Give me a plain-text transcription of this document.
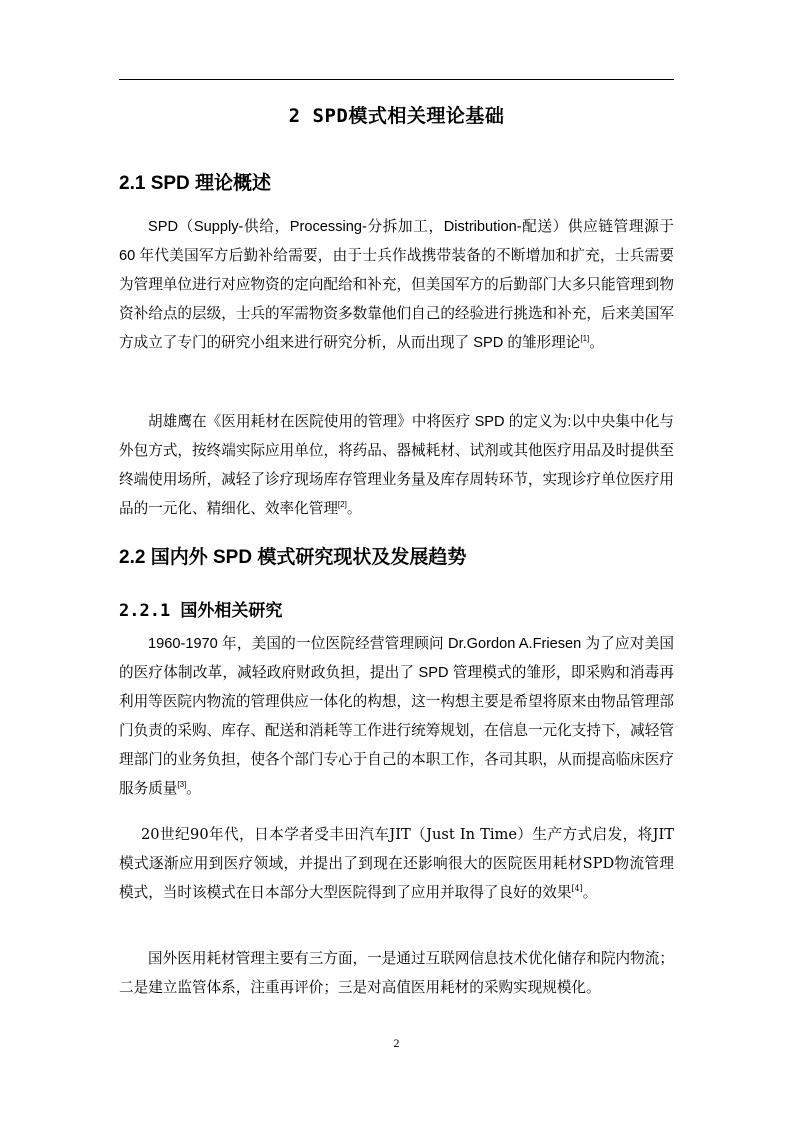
2 SPD模式相关理论基础
2.1 SPD 理论概述

SPD（Supply-供给，Processing-分拆加工，Distribution-配送）供应链管理源于 60 年代美国军方后勤补给需要，由于士兵作战携带装备的不断增加和扩充，士兵需要为管理单位进行对应物资的定向配给和补充，但美国军方的后勤部门大多只能管理到物资补给点的层级，士兵的军需物资多数靠他们自己的经验进行挑选和补充，后来美国军方成立了专门的研究小组来进行研究分析，从而出现了 SPD 的雏形理论[1]。

胡雄鹰在《医用耗材在医院使用的管理》中将医疗 SPD 的定义为:以中央集中化与外包方式，按终端实际应用单位，将药品、器械耗材、试剂或其他医疗用品及时提供至终端使用场所，减轻了诊疗现场库存管理业务量及库存周转环节，实现诊疗单位医疗用品的一元化、精细化、效率化管理[2]。

2.2 国内外 SPD 模式研究现状及发展趋势
2.2.1 国外相关研究

1960-1970 年，美国的一位医院经营管理顾问 Dr.Gordon A.Friesen 为了应对美国的医疗体制改革，减轻政府财政负担，提出了 SPD 管理模式的雏形，即采购和消毒再利用等医院内物流的管理供应一体化的构想，这一构想主要是希望将原来由物品管理部门负责的采购、库存、配送和消耗等工作进行统筹规划，在信息一元化支持下，减轻管理部门的业务负担，使各个部门专心于自己的本职工作，各司其职，从而提高临床医疗服务质量[3]。

20世纪90年代，日本学者受丰田汽车JIT（Just In Time）生产方式启发，将JIT模式逐渐应用到医疗领域，并提出了到现在还影响很大的医院医用耗材SPD物流管理模式，当时该模式在日本部分大型医院得到了应用并取得了良好的效果[4]。

国外医用耗材管理主要有三方面，一是通过互联网信息技术优化储存和院内物流；二是建立监管体系，注重再评价；三是对高值医用耗材的采购实现规模化。

2
